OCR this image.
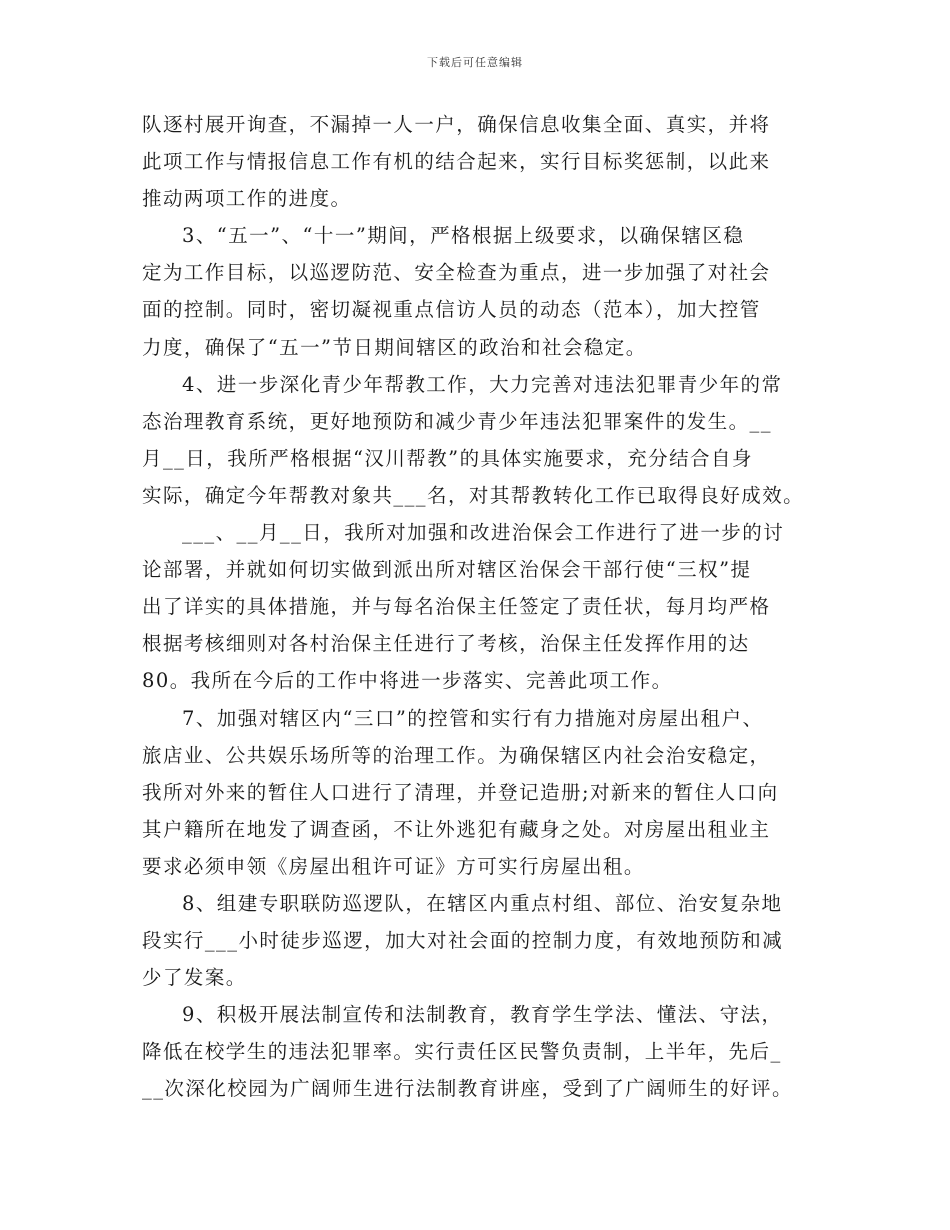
下载后可任意编辑
队逐村展开询查，不漏掉一人一户，确保信息收集全面、真实，并将
此项工作与情报信息工作有机的结合起来，实行目标奖惩制，以此来
推动两项工作的进度。
3、“五一”、“十一”期间，严格根据上级要求，以确保辖区稳
定为工作目标，以巡逻防范、安全检查为重点，进一步加强了对社会
面的控制。同时，密切凝视重点信访人员的动态（范本），加大控管
力度，确保了“五一”节日期间辖区的政治和社会稳定。
4、进一步深化青少年帮教工作，大力完善对违法犯罪青少年的常
态治理教育系统，更好地预防和减少青少年违法犯罪案件的发生。__
月__日，我所严格根据“汉川帮教”的具体实施要求，充分结合自身
实际，确定今年帮教对象共___名，对其帮教转化工作已取得良好成效。
___、__月__日，我所对加强和改进治保会工作进行了进一步的讨
论部署，并就如何切实做到派出所对辖区治保会干部行使“三权”提
出了详实的具体措施，并与每名治保主任签定了责任状，每月均严格
根据考核细则对各村治保主任进行了考核，治保主任发挥作用的达
80。我所在今后的工作中将进一步落实、完善此项工作。
7、加强对辖区内“三口”的控管和实行有力措施对房屋出租户、
旅店业、公共娱乐场所等的治理工作。为确保辖区内社会治安稳定，
我所对外来的暂住人口进行了清理，并登记造册;对新来的暂住人口向
其户籍所在地发了调查函，不让外逃犯有藏身之处。对房屋出租业主
要求必须申领《房屋出租许可证》方可实行房屋出租。
8、组建专职联防巡逻队，在辖区内重点村组、部位、治安复杂地
段实行___小时徒步巡逻，加大对社会面的控制力度，有效地预防和减
少了发案。
9、积极开展法制宣传和法制教育，教育学生学法、懂法、守法，
降低在校学生的违法犯罪率。实行责任区民警负责制，上半年，先后_
__次深化校园为广阔师生进行法制教育讲座，受到了广阔师生的好评。
